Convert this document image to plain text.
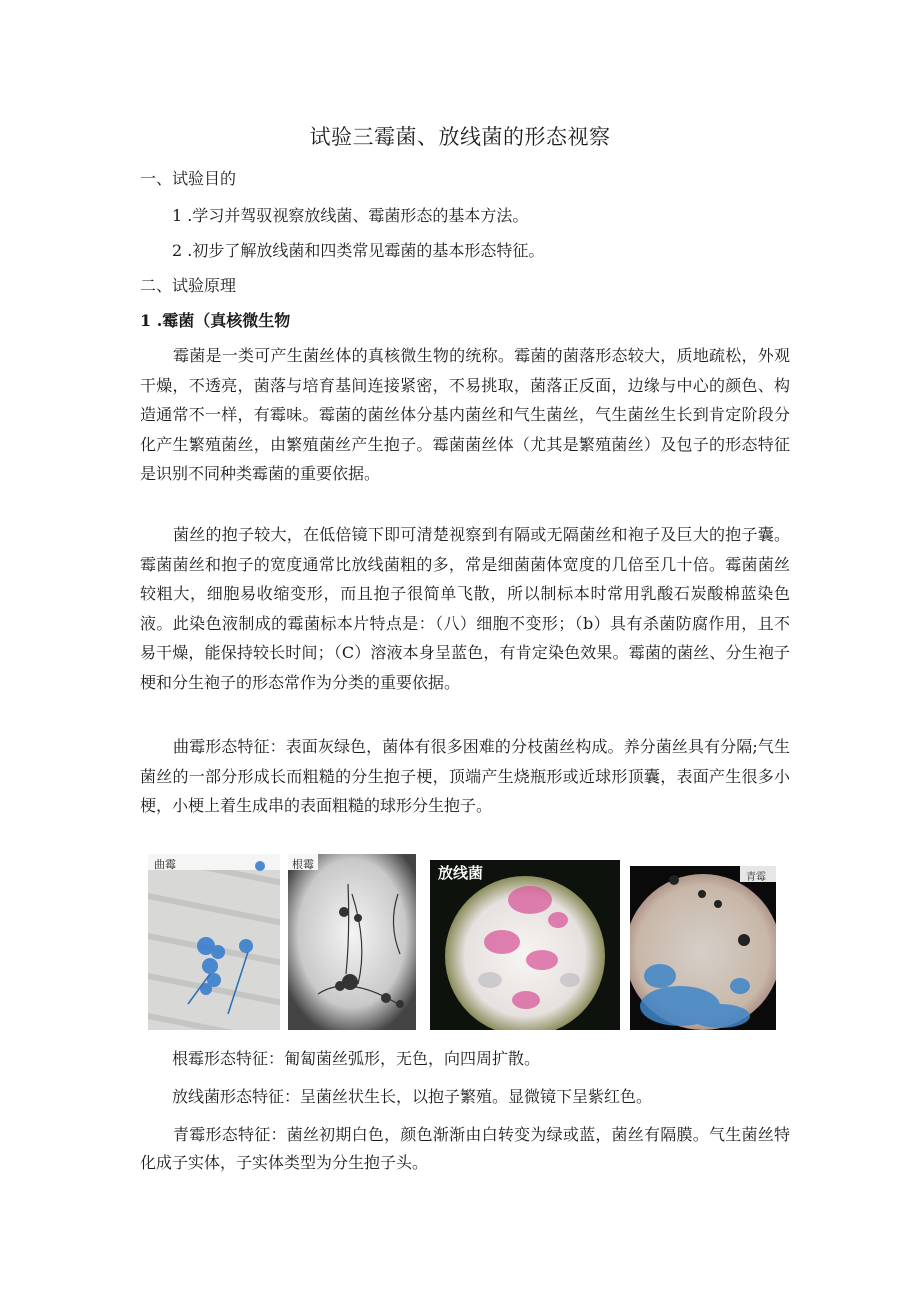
试验三霉菌、放线菌的形态视察
一、试验目的
1 .学习并驾驭视察放线菌、霉菌形态的基本方法。
2 .初步了解放线菌和四类常见霉菌的基本形态特征。
二、试验原理
1 .霉菌（真核微生物
霉菌是一类可产生菌丝体的真核微生物的统称。霉菌的菌落形态较大，质地疏松，外观干燥，不透亮，菌落与培育基间连接紧密，不易挑取，菌落正反面，边缘与中心的颜色、构造通常不一样，有霉味。霉菌的菌丝体分基内菌丝和气生菌丝，气生菌丝生长到肯定阶段分化产生繁殖菌丝，由繁殖菌丝产生抱子。霉菌菌丝体（尤其是繁殖菌丝）及包子的形态特征是识别不同种类霉菌的重要依据。
菌丝的抱子较大，在低倍镜下即可清楚视察到有隔或无隔菌丝和袍子及巨大的抱子囊。霉菌菌丝和抱子的宽度通常比放线菌粗的多，常是细菌菌体宽度的几倍至几十倍。霉菌菌丝较粗大，细胞易收缩变形，而且抱子很简单飞散，所以制标本时常用乳酸石炭酸棉蓝染色液。此染色液制成的霉菌标本片特点是：（八）细胞不变形；（b）具有杀菌防腐作用，且不易干燥，能保持较长时间；（C）溶液本身呈蓝色，有肯定染色效果。霉菌的菌丝、分生袍子梗和分生袍子的形态常作为分类的重要依据。
曲霉形态特征：表面灰绿色，菌体有很多困难的分枝菌丝构成。养分菌丝具有分隔;气生菌丝的一部分形成长而粗糙的分生抱子梗，顶端产生烧瓶形或近球形顶囊，表面产生很多小梗，小梗上着生成串的表面粗糙的球形分生抱子。
曲霉	根霉	放线菌	青霉
根霉形态特征：匍匐菌丝弧形，无色，向四周扩散。
放线菌形态特征：呈菌丝状生长，以抱子繁殖。显微镜下呈紫红色。
青霉形态特征：菌丝初期白色，颜色渐渐由白转变为绿或蓝，菌丝有隔膜。气生菌丝特化成子实体，子实体类型为分生抱子头。
